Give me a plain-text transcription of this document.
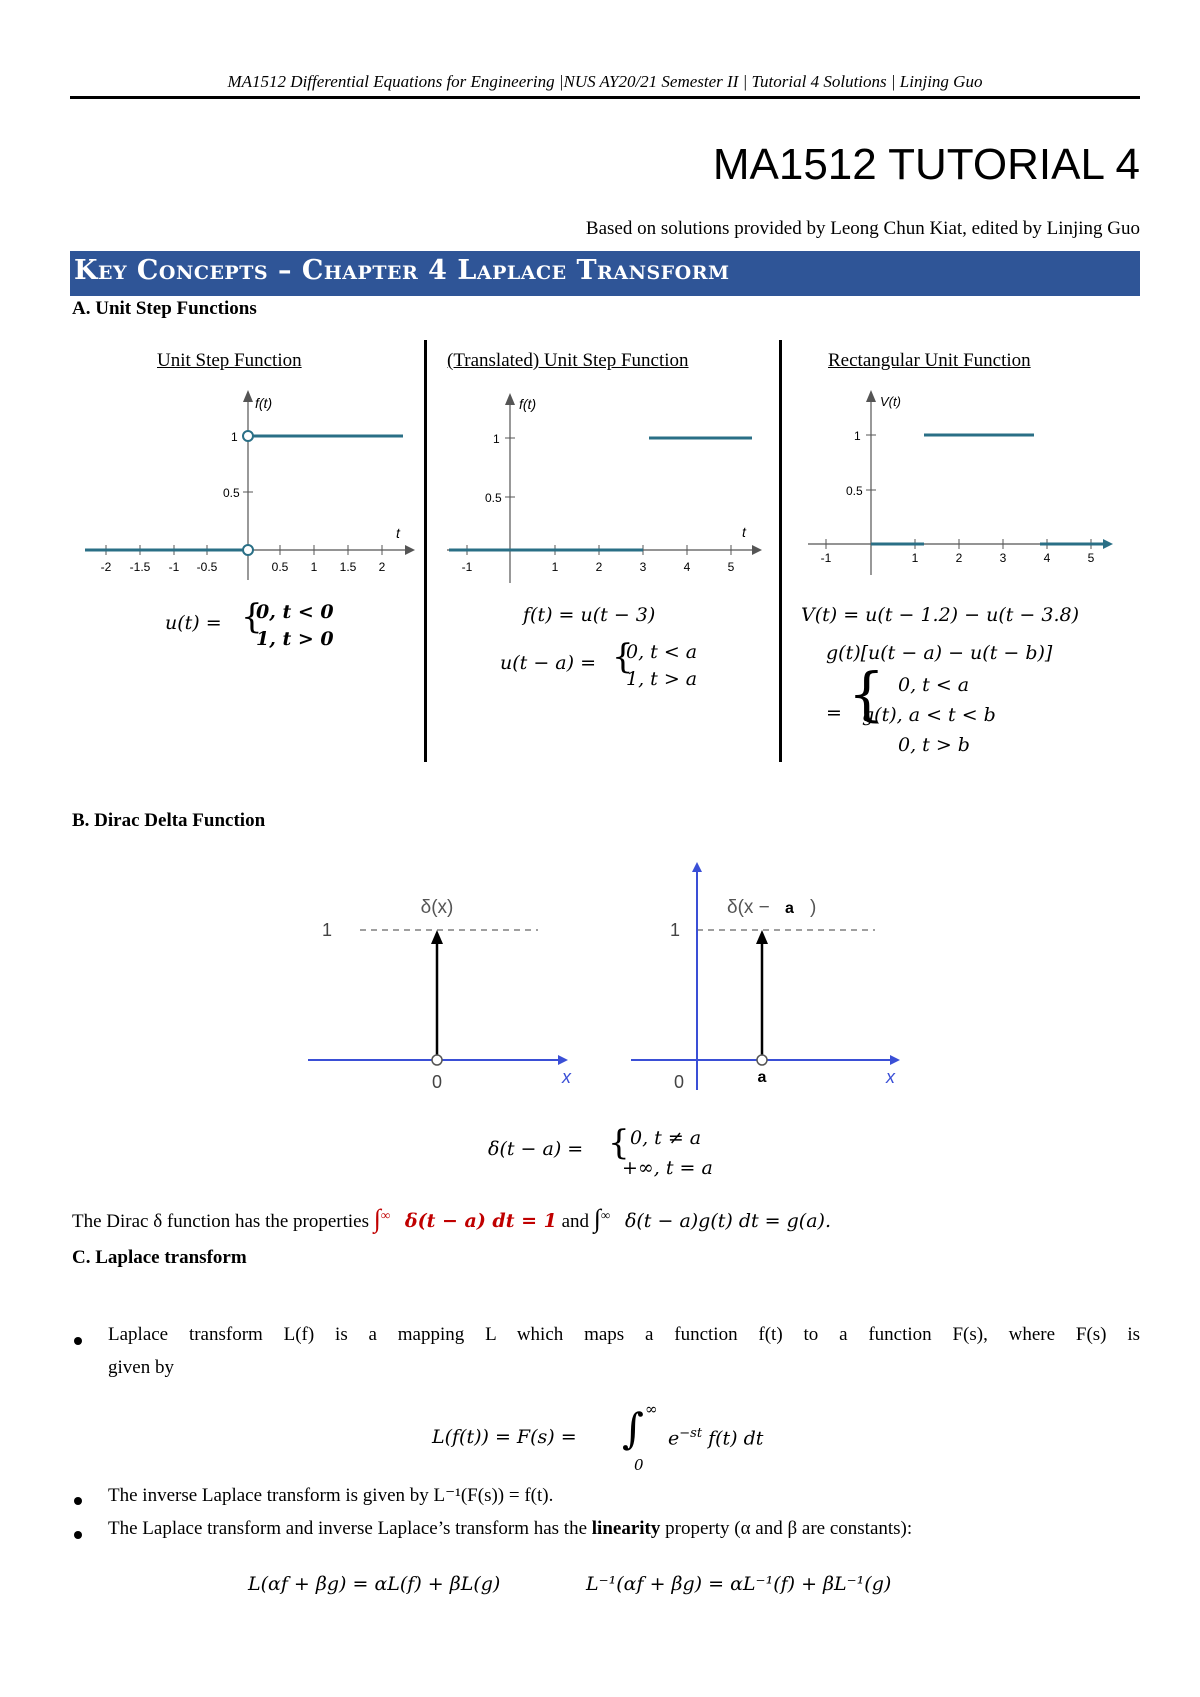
MA1512 Differential Equations for Engineering |NUS AY20/21 Semester II | Tutorial 4 Solutions | Linjing Guo
MA1512 TUTORIAL 4
Based on solutions provided by Leong Chun Kiat, edited by Linjing Guo
Key Concepts – Chapter 4 Laplace Transform
A. Unit Step Functions
Unit Step Function	(Translated) Unit Step Function	Rectangular Unit Function
f(t)
t
0.5
1
-2 -1.5 -1 -0.5	0.5 1 1.5 2
u(t) = {
0, t < 0
1, t > 0
f(t)
t
0.5
1
-1	1	2	3	4	5
f(t) = u(t − 3)
u(t − a) = {
0, t < a
1, t > a
V(t)
0.5
1
-1	1	2	3	4	5
V(t) = u(t − 1.2) − u(t − 3.8)
g(t)[u(t − a) − u(t − b)]
= { 0, t < a
g(t), a < t < b
0, t > b
B. Dirac Delta Function
δ(x)
1
0	x
δ(x − a )
1
0	a	x
δ(t − a) = { 0, t ≠ a
+∞, t = a
The Dirac δ function has the properties ∫∞ δ(t − a) dt = 1 and ∫∞ δ(t − a)g(t) dt = g(a).
C. Laplace transform
Laplace transform L(f) is a mapping L which maps a function f(t) to a function F(s), where F(s) is
given by
L(f(t)) = F(s) = ∫ ∞
0
$e^{-st}$ f(t) dt
The inverse Laplace transform is given by L⁻¹(F(s)) = f(t).
The Laplace transform and inverse Laplace’s transform has the linearity property (α and β are constants):
L(αf + βg) = αL(f) + βL(g)	L⁻¹(αf + βg) = αL⁻¹(f) + βL⁻¹(g)
